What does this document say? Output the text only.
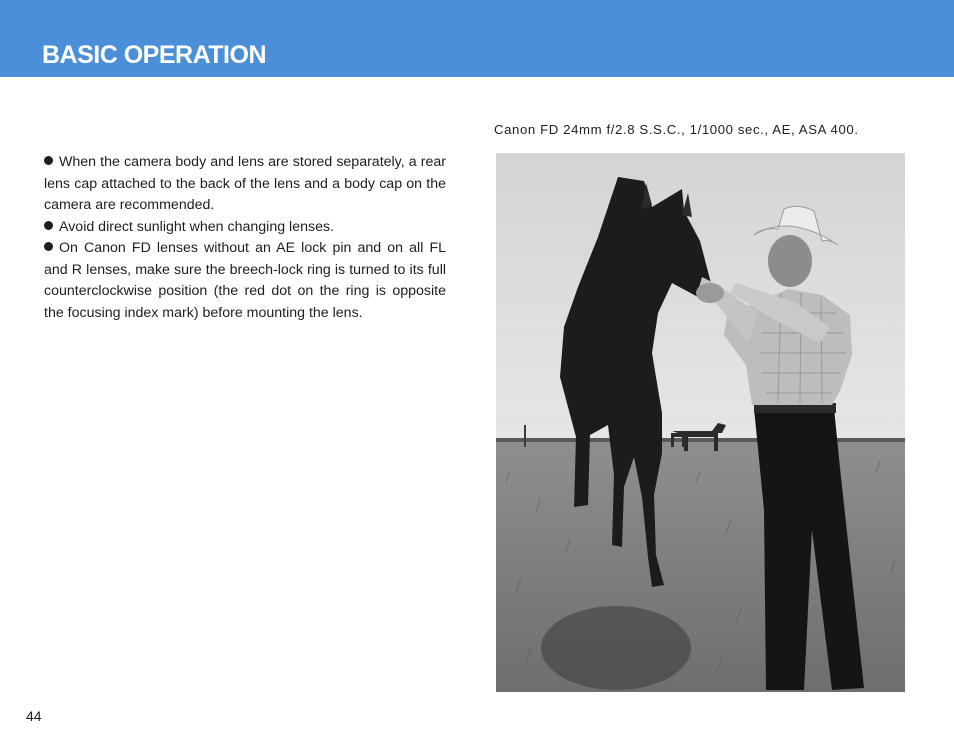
BASIC OPERATION

When the camera body and lens are stored separately, a rear lens cap attached to the back of the lens and a body cap on the camera are recommended.

Avoid direct sunlight when changing lenses.

On Canon FD lenses without an AE lock pin and on all FL and R lenses, make sure the breech-lock ring is turned to its full counterclockwise position (the red dot on the ring is opposite the focusing index mark) before mounting the lens.

Canon FD 24mm f/2.8 S.S.C., 1/1000 sec., AE, ASA 400.

44
